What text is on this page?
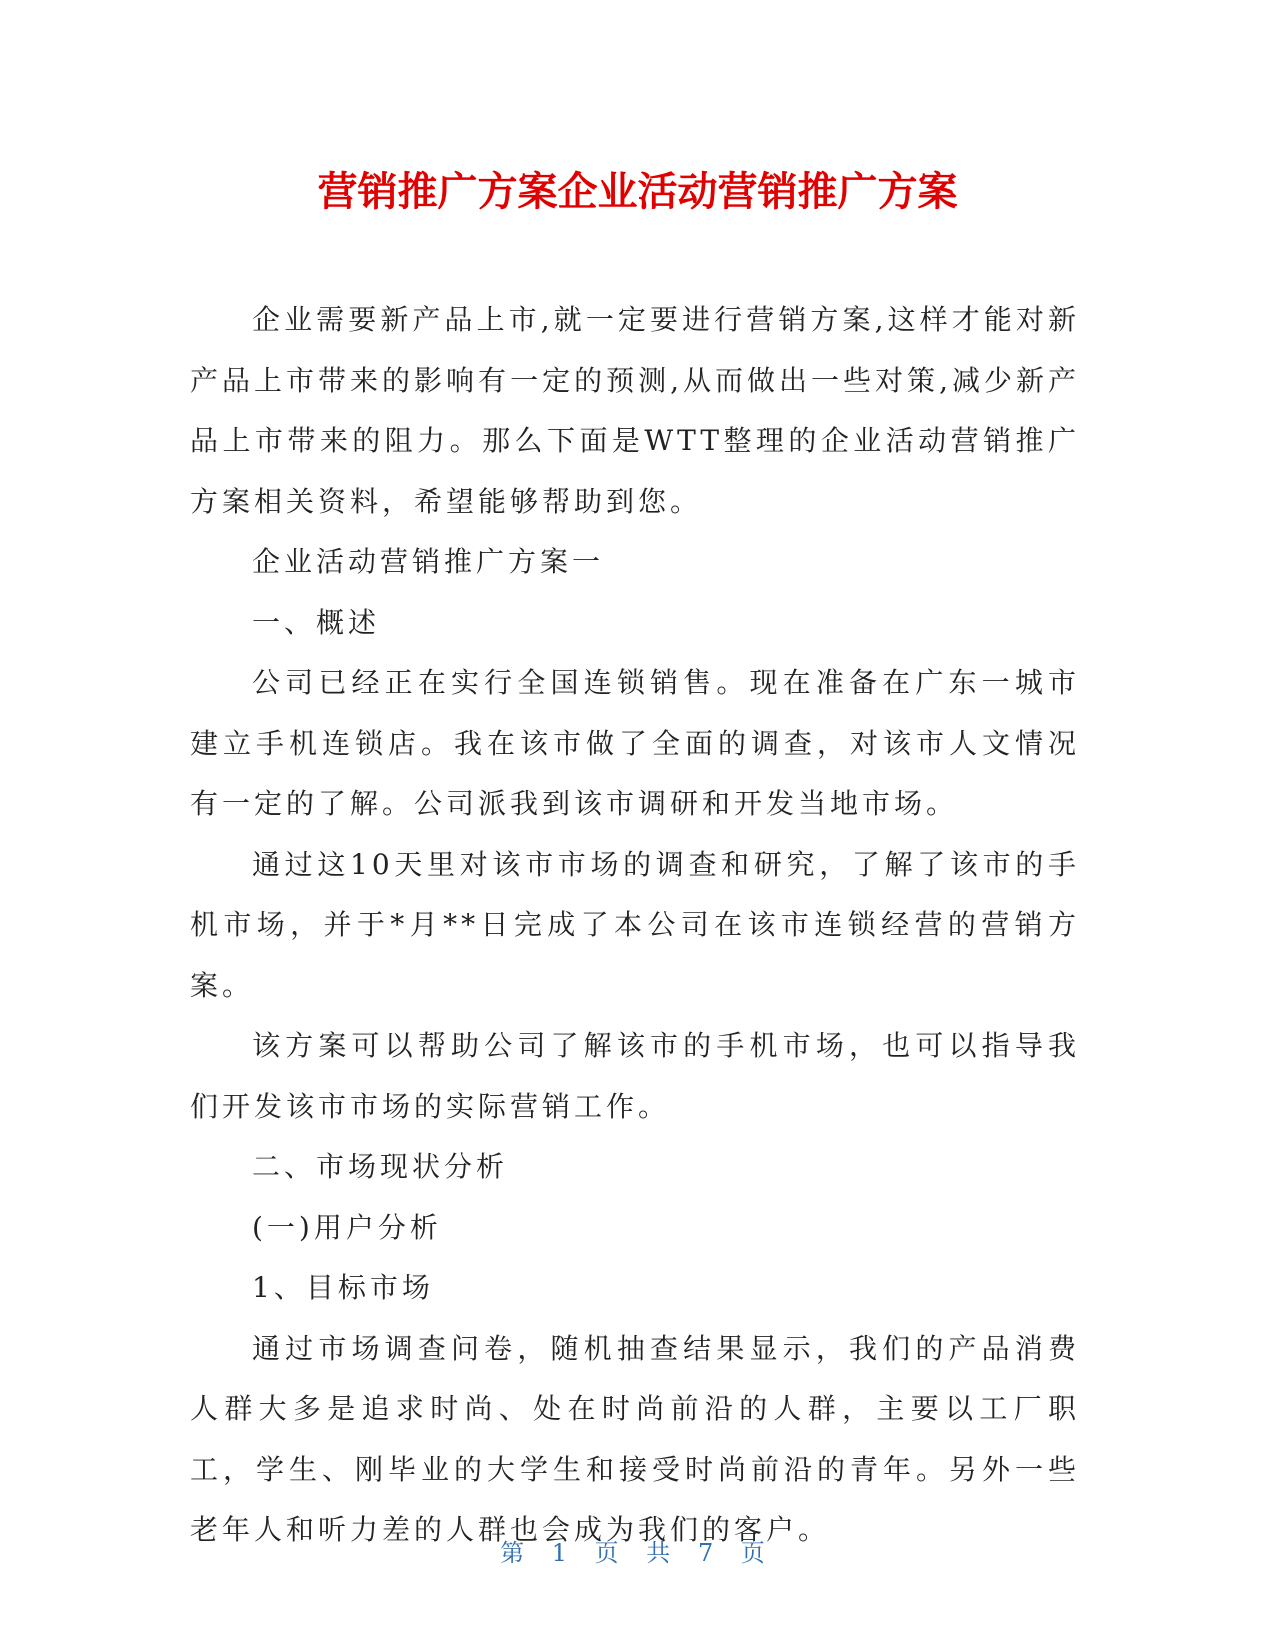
营销推广方案企业活动营销推广方案

企业需要新产品上市,就一定要进行营销方案,这样才能对新产品上市带来的影响有一定的预测,从而做出一些对策,减少新产品上市带来的阻力。那么下面是WTT整理的企业活动营销推广方案相关资料，希望能够帮助到您。

企业活动营销推广方案一

一、概述

公司已经正在实行全国连锁销售。现在准备在广东一城市建立手机连锁店。我在该市做了全面的调查，对该市人文情况有一定的了解。公司派我到该市调研和开发当地市场。

通过这10天里对该市市场的调查和研究，了解了该市的手机市场，并于*月**日完成了本公司在该市连锁经营的营销方案。

该方案可以帮助公司了解该市的手机市场，也可以指导我们开发该市市场的实际营销工作。

二、市场现状分析

(一)用户分析

1、目标市场

通过市场调查问卷，随机抽查结果显示，我们的产品消费人群大多是追求时尚、处在时尚前沿的人群，主要以工厂职工，学生、刚毕业的大学生和接受时尚前沿的青年。另外一些老年人和听力差的人群也会成为我们的客户。

第 1 页 共 7 页
